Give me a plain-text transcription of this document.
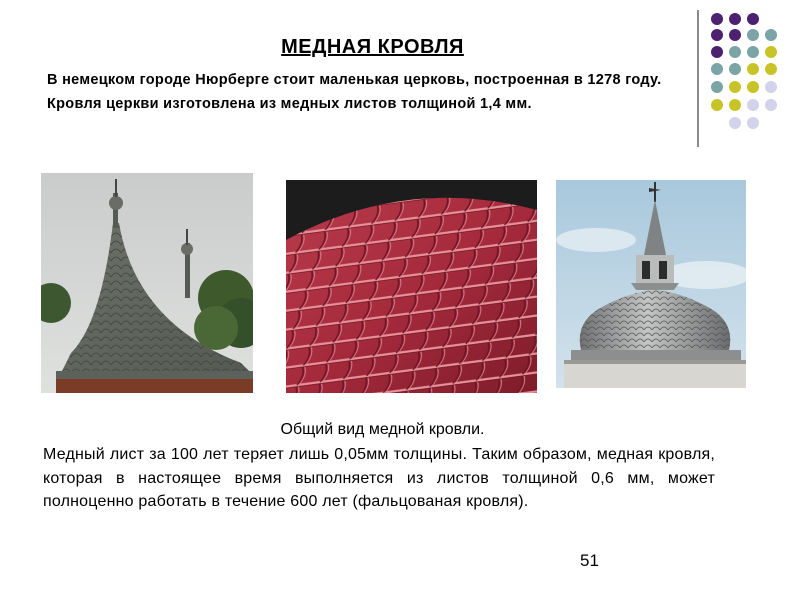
МЕДНАЯ КРОВЛЯ
В немецком городе Нюрберге стоит маленькая церковь, построенная в 1278 году. Кровля церкви изготовлена из медных листов толщиной 1,4 мм.
Общий вид медной кровли.
Медный лист за 100 лет теряет лишь 0,05мм толщины. Таким образом, медная кровля, которая в настоящее время выполняется из листов толщиной 0,6 мм, может полноценно работать в течение 600 лет (фальцованая кровля).
51
